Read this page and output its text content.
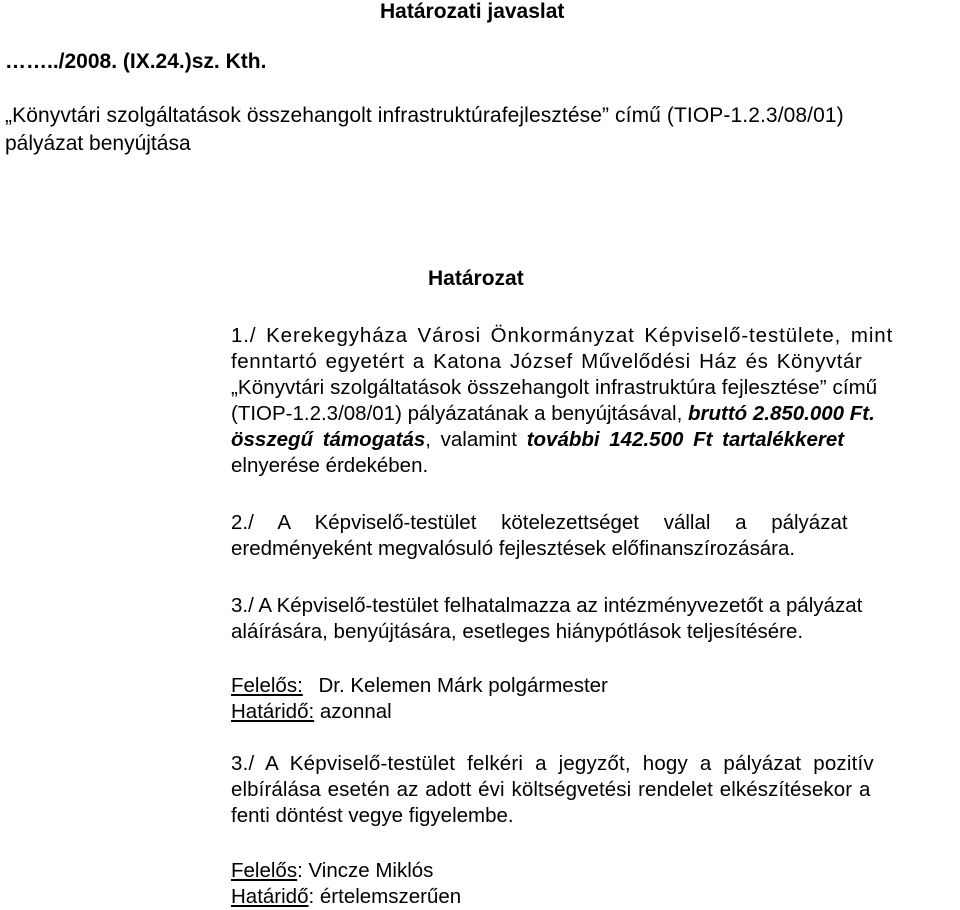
Határozati javaslat
……../2008. (IX.24.)sz. Kth.
„Könyvtári szolgáltatások összehangolt infrastruktúrafejlesztése” című (TIOP-1.2.3/08/01)
pályázat benyújtása
Határozat
1./ Kerekegyháza Városi Önkormányzat Képviselő-testülete, mint
fenntartó egyetért a Katona József Művelődési Ház és Könyvtár
„Könyvtári szolgáltatások összehangolt infrastruktúra fejlesztése” című
(TIOP-1.2.3/08/01) pályázatának a benyújtásával, bruttó 2.850.000 Ft.
összegű támogatás, valamint további 142.500 Ft tartalékkeret
elnyerése érdekében.
2./ A Képviselő-testület kötelezettséget vállal a pályázat
eredményeként megvalósuló fejlesztések előfinanszírozására.
3./ A Képviselő-testület felhatalmazza az intézményvezetőt a pályázat
aláírására, benyújtására, esetleges hiánypótlások teljesítésére.
Felelős: Dr. Kelemen Márk polgármester
Határidő: azonnal
3./ A Képviselő-testület felkéri a jegyzőt, hogy a pályázat pozitív
elbírálása esetén az adott évi költségvetési rendelet elkészítésekor a
fenti döntést vegye figyelembe.
Felelős: Vincze Miklós
Határidő: értelemszerűen
